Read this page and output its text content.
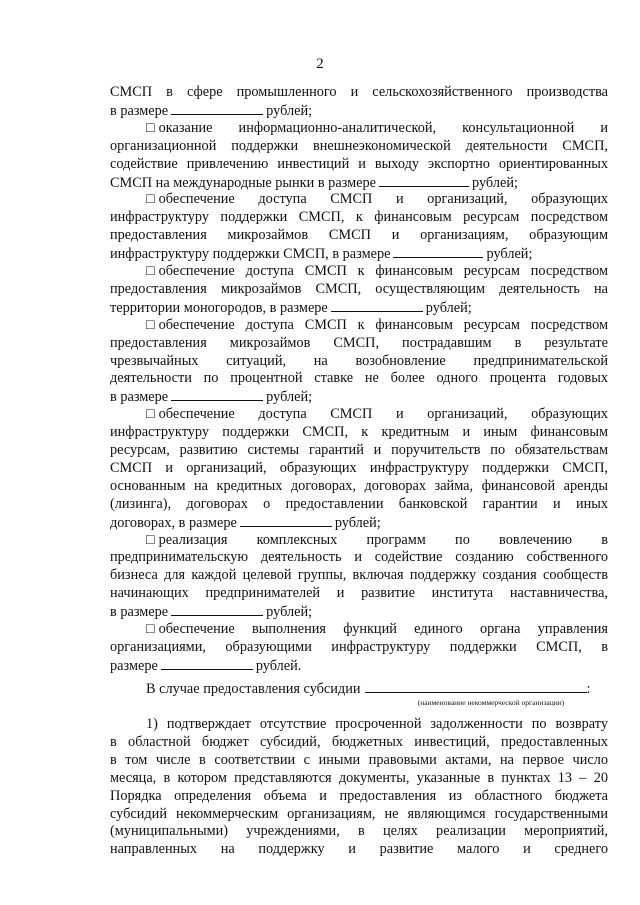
2
СМСП в сфере промышленного и сельскохозяйственного производства
в размере	рублей;
□ оказание информационно-аналитической, консультационной и
организационной поддержки внешнеэкономической деятельности СМСП,
содействие привлечению инвестиций и выходу экспортно ориентированных
СМСП на международные рынки в размере	рублей;
□ обеспечение доступа СМСП и организаций, образующих
инфраструктуру поддержки СМСП, к финансовым ресурсам посредством
предоставления микрозаймов СМСП и организациям, образующим
инфраструктуру поддержки СМСП, в размере	рублей;
□ обеспечение доступа СМСП к финансовым ресурсам посредством
предоставления микрозаймов СМСП, осуществляющим деятельность на
территории моногородов, в размере	рублей;
□ обеспечение доступа СМСП к финансовым ресурсам посредством
предоставления микрозаймов СМСП, пострадавшим в результате
чрезвычайных ситуаций, на возобновление предпринимательской
деятельности по процентной ставке не более одного процента годовых
в размере	рублей;
□ обеспечение доступа СМСП и организаций, образующих
инфраструктуру поддержки СМСП, к кредитным и иным финансовым
ресурсам, развитию системы гарантий и поручительств по обязательствам
СМСП и организаций, образующих инфраструктуру поддержки СМСП,
основанным на кредитных договорах, договорах займа, финансовой аренды
(лизинга), договорах о предоставлении банковской гарантии и иных
договорах, в размере	рублей;
□ реализация комплексных программ по вовлечению в
предпринимательскую деятельность и содействие созданию собственного
бизнеса для каждой целевой группы, включая поддержку создания сообществ
начинающих предпринимателей и развитие института наставничества,
в размере	рублей;
□ обеспечение выполнения функций единого органа управления
организациями, образующими инфраструктуру поддержки СМСП, в
размере	рублей.
В случае предоставления субсидии	:
(наименование некоммерческой организации)
1) подтверждает отсутствие просроченной задолженности по возврату
в областной бюджет субсидий, бюджетных инвестиций, предоставленных
в том числе в соответствии с иными правовыми актами, на первое число
месяца, в котором представляются документы, указанные в пунктах 13 – 20
Порядка определения объема и предоставления из областного бюджета
субсидий некоммерческим организациям, не являющимся государственными
(муниципальными) учреждениями, в целях реализации мероприятий,
направленных на поддержку и развитие малого и среднего
